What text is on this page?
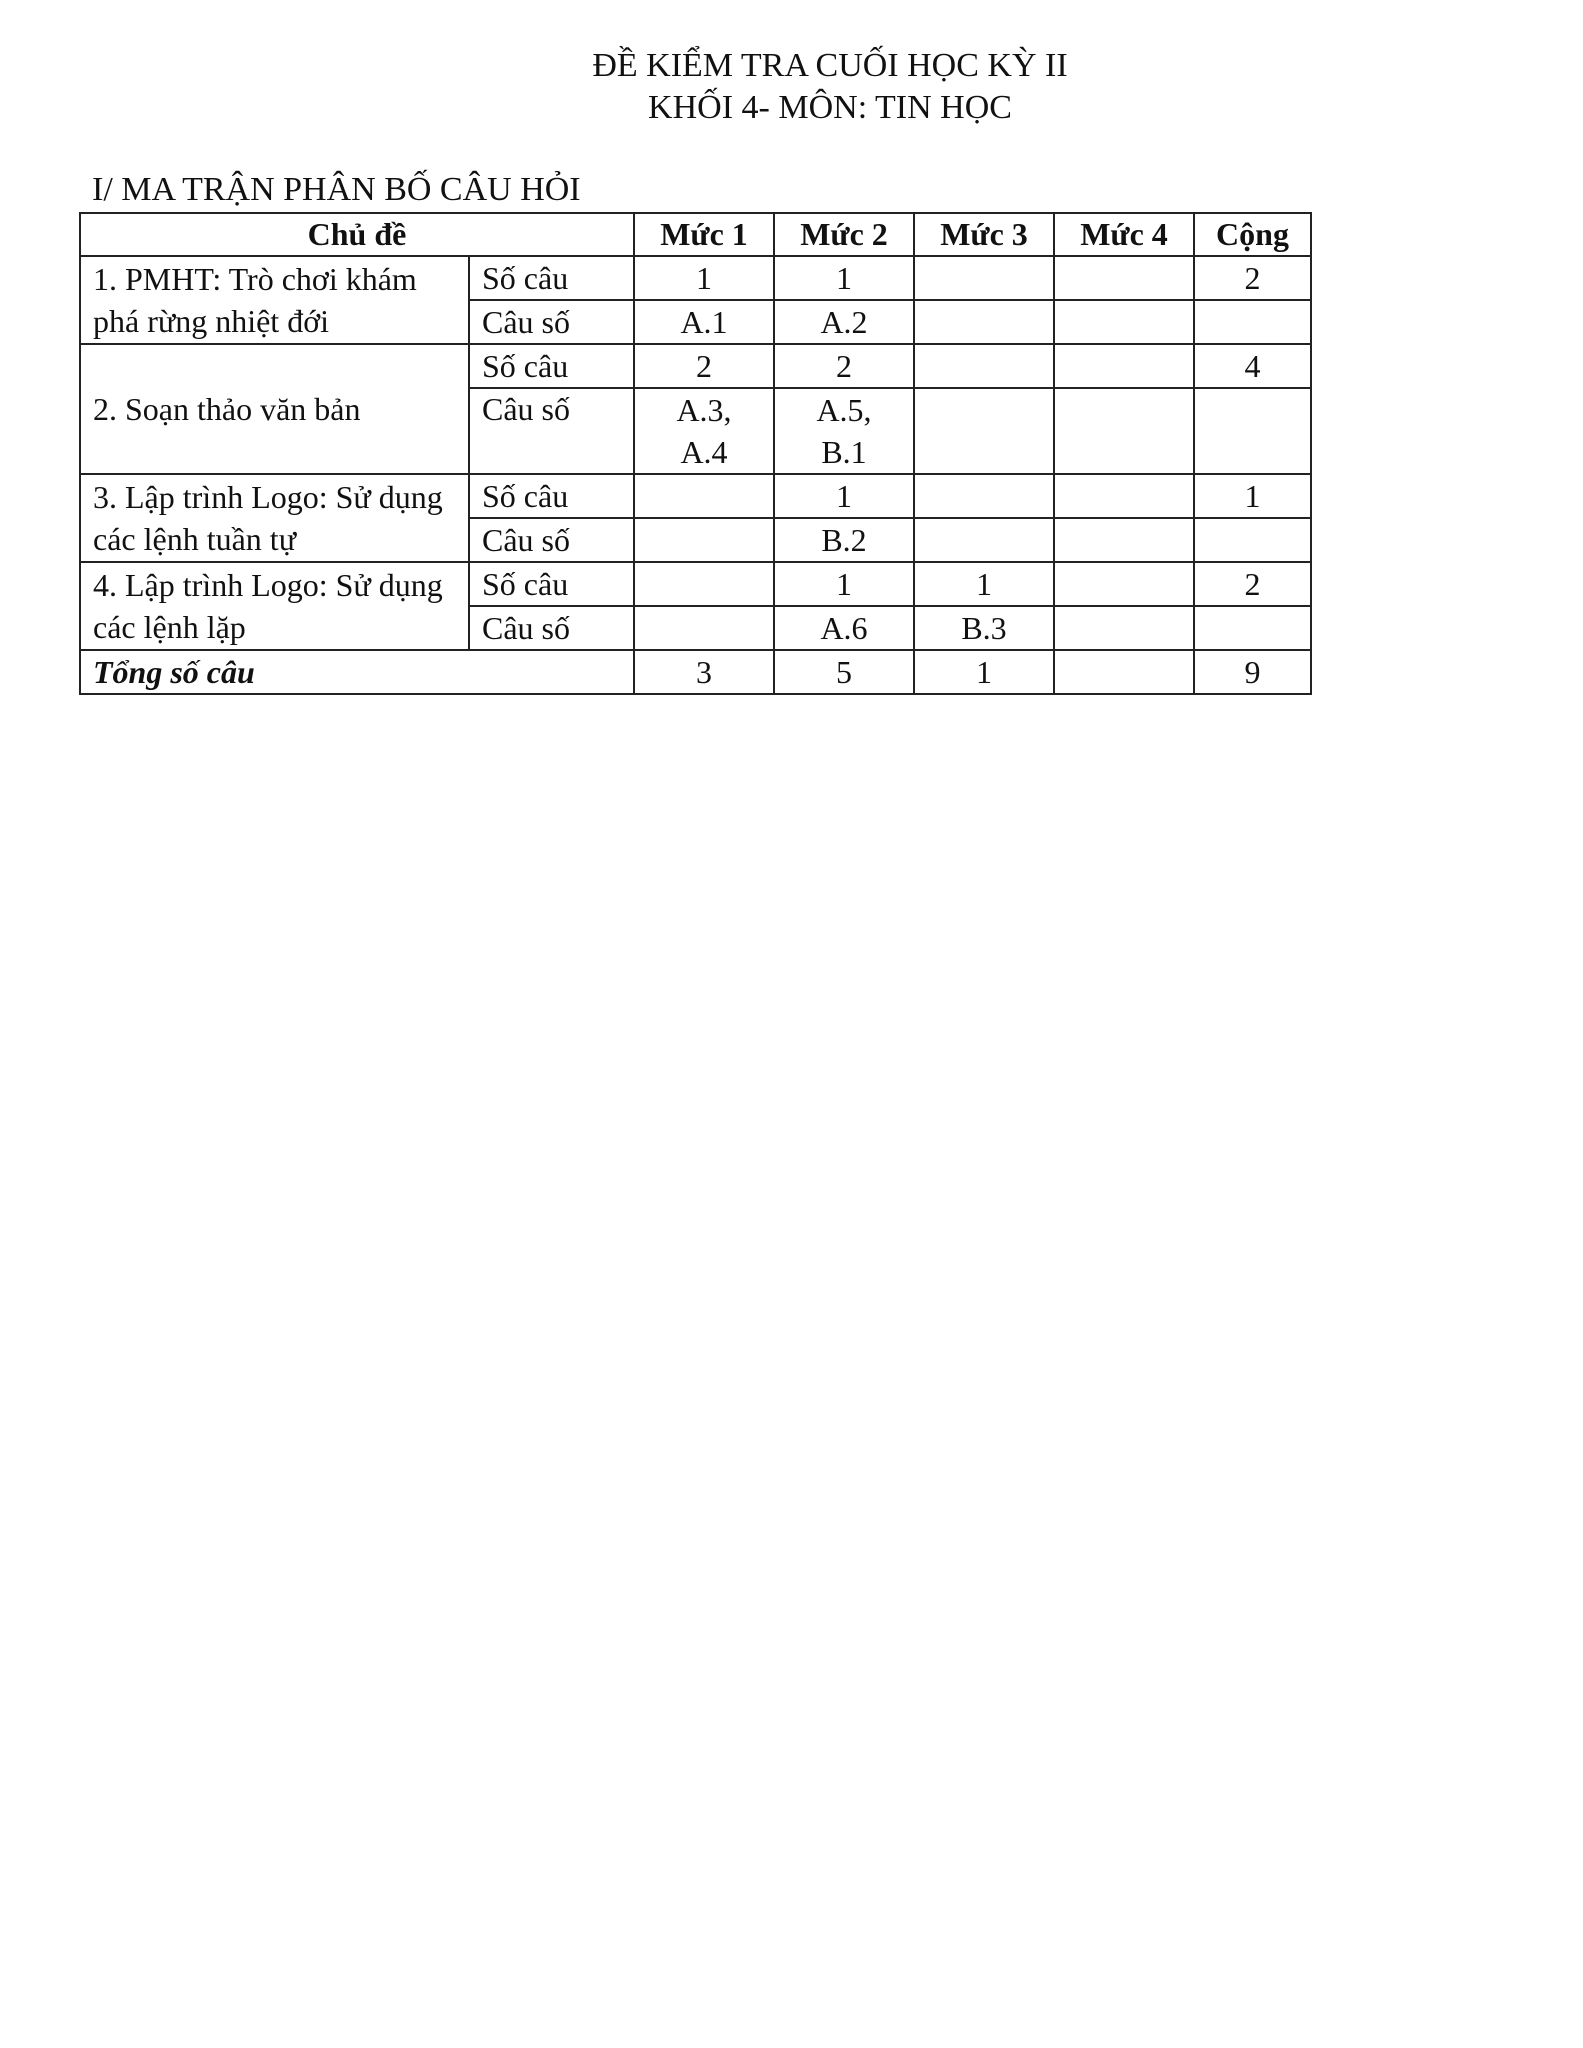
ĐỀ KIỂM TRA CUỐI HỌC KỲ II
KHỐI 4- MÔN: TIN HỌC
I/ MA TRẬN PHÂN BỐ CÂU HỎI
Chủ đề		Mức 1	Mức 2	Mức 3	Mức 4	Cộng
1. PMHT: Trò chơi khám phá rừng nhiệt đới	Số câu	1	1			2
	Câu số	A.1	A.2			
2. Soạn thảo văn bản	Số câu	2	2			4
	Câu số	A.3, A.4	A.5, B.1			
3. Lập trình Logo: Sử dụng các lệnh tuần tự	Số câu		1			1
	Câu số		B.2			
4. Lập trình Logo: Sử dụng các lệnh lặp	Số câu		1	1		2
	Câu số		A.6	B.3		
Tổng số câu		3	5	1		9
